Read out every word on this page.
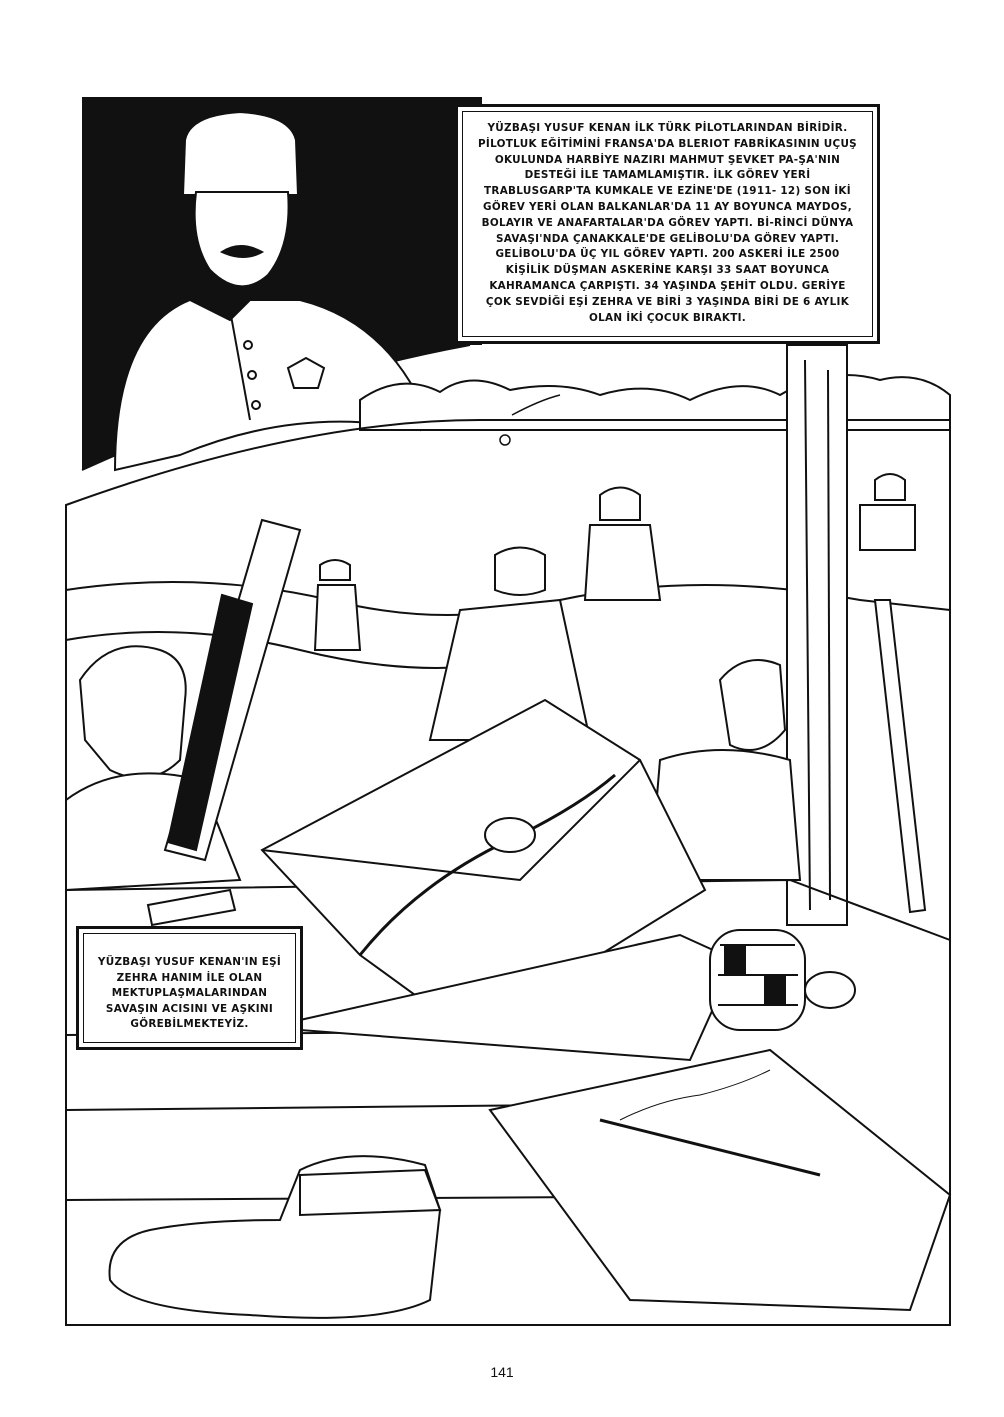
YÜZBAŞI YUSUF KENAN İLK TÜRK PİLOTLARINDAN BİRİDİR. PİLOTLUK EĞİTİMİNİ FRANSA'DA BLERIOT FABRİKASININ UÇUŞ OKULUNDA HARBİYE NAZIRI MAHMUT ŞEVKET PA-ŞA'NIN DESTEĞİ İLE TAMAMLAMIŞTIR. İLK GÖREV YERİ TRABLUSGARP'TA KUMKALE VE EZİNE'DE (1911- 12) SON İKİ GÖREV YERİ OLAN BALKANLAR'DA 11 AY BOYUNCA MAYDOS, BOLAYIR VE ANAFARTALAR'DA GÖREV YAPTI. Bİ-RİNCİ DÜNYA SAVAŞI'NDA ÇANAKKALE'DE GELİBOLU'DA GÖREV YAPTI. GELİBOLU'DA ÜÇ YIL GÖREV YAPTI. 200 ASKERİ İLE 2500 KİŞİLİK DÜŞMAN ASKERİNE KARŞI 33 SAAT BOYUNCA KAHRAMANCA ÇARPIŞTI. 34 YAŞINDA ŞEHİT OLDU. GERİYE ÇOK SEVDİĞİ EŞİ ZEHRA VE BİRİ 3 YAŞINDA BİRİ DE 6 AYLIK OLAN İKİ ÇOCUK BIRAKTI.
YÜZBAŞI YUSUF KENAN'IN EŞİ ZEHRA HANIM İLE OLAN MEKTUPLAŞMALARINDAN SAVAŞIN ACISINI VE AŞKINI GÖREBİLMEKTEYİZ.
141
